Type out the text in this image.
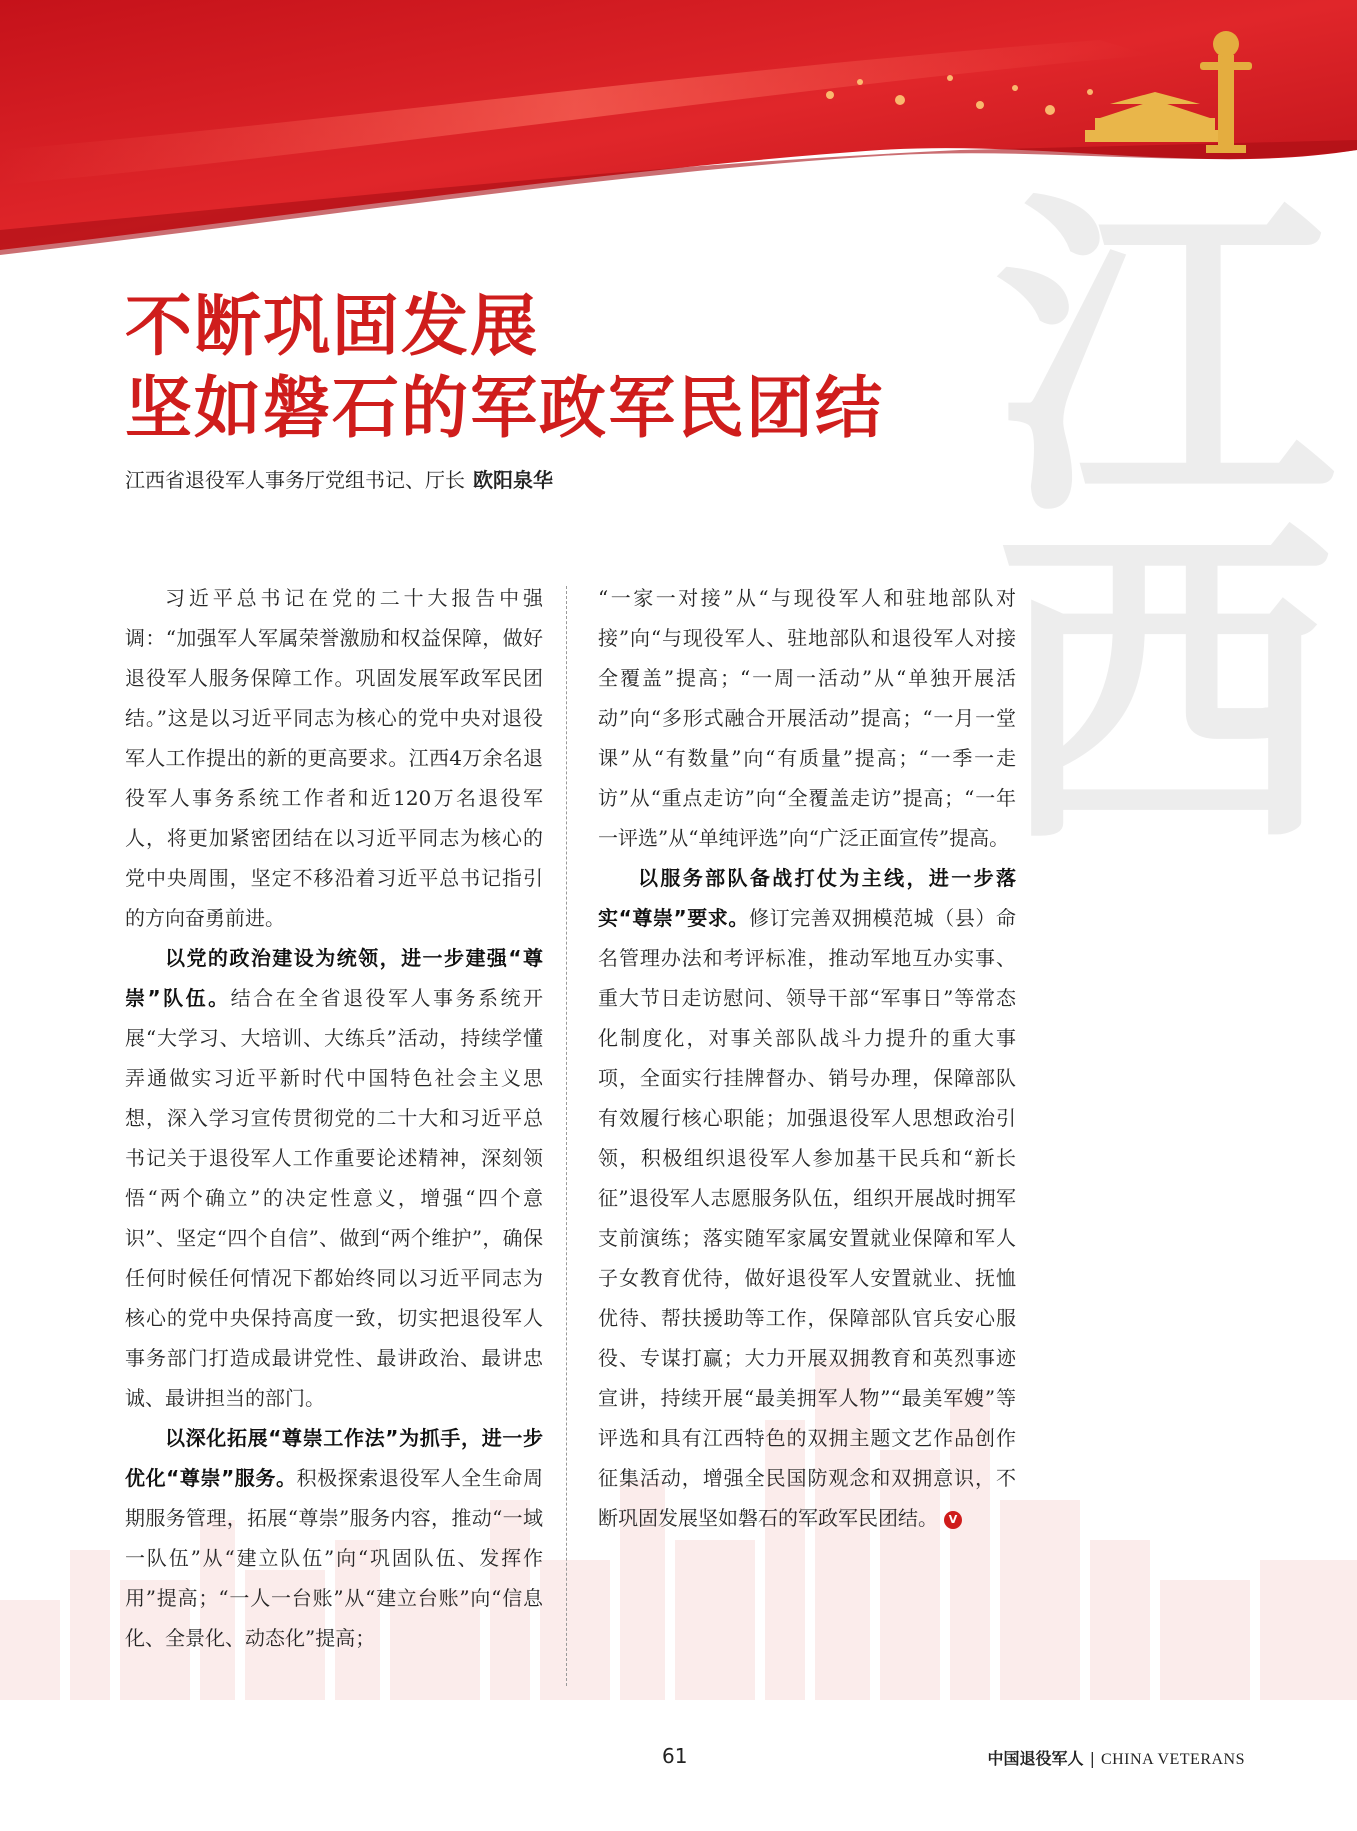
江
西
不断巩固发展
坚如磐石的军政军民团结
江西省退役军人事务厅党组书记、厅长 欧阳泉华

习近平总书记在党的二十大报告中强调：“加强军人军属荣誉激励和权益保障，做好退役军人服务保障工作。巩固发展军政军民团结。”这是以习近平同志为核心的党中央对退役军人工作提出的新的更高要求。江西4万余名退役军人事务系统工作者和近120万名退役军人，将更加紧密团结在以习近平同志为核心的党中央周围，坚定不移沿着习近平总书记指引的方向奋勇前进。

以党的政治建设为统领，进一步建强“尊崇”队伍。结合在全省退役军人事务系统开展“大学习、大培训、大练兵”活动，持续学懂弄通做实习近平新时代中国特色社会主义思想，深入学习宣传贯彻党的二十大和习近平总书记关于退役军人工作重要论述精神，深刻领悟“两个确立”的决定性意义，增强“四个意识”、坚定“四个自信”、做到“两个维护”，确保任何时候任何情况下都始终同以习近平同志为核心的党中央保持高度一致，切实把退役军人事务部门打造成最讲党性、最讲政治、最讲忠诚、最讲担当的部门。

以深化拓展“尊崇工作法”为抓手，进一步优化“尊崇”服务。积极探索退役军人全生命周期服务管理，拓展“尊崇”服务内容，推动“一域一队伍”从“建立队伍”向“巩固队伍、发挥作用”提高；“一人一台账”从“建立台账”向“信息化、全景化、动态化”提高；

“一家一对接”从“与现役军人和驻地部队对接”向“与现役军人、驻地部队和退役军人对接全覆盖”提高；“一周一活动”从“单独开展活动”向“多形式融合开展活动”提高；“一月一堂课”从“有数量”向“有质量”提高；“一季一走访”从“重点走访”向“全覆盖走访”提高；“一年一评选”从“单纯评选”向“广泛正面宣传”提高。

以服务部队备战打仗为主线，进一步落实“尊崇”要求。修订完善双拥模范城（县）命名管理办法和考评标准，推动军地互办实事、重大节日走访慰问、领导干部“军事日”等常态化制度化，对事关部队战斗力提升的重大事项，全面实行挂牌督办、销号办理，保障部队有效履行核心职能；加强退役军人思想政治引领，积极组织退役军人参加基干民兵和“新长征”退役军人志愿服务队伍，组织开展战时拥军支前演练；落实随军家属安置就业保障和军人子女教育优待，做好退役军人安置就业、抚恤优待、帮扶援助等工作，保障部队官兵安心服役、专谋打赢；大力开展双拥教育和英烈事迹宣讲，持续开展“最美拥军人物”“最美军嫂”等评选和具有江西特色的双拥主题文艺作品创作征集活动，增强全民国防观念和双拥意识，不断巩固发展坚如磐石的军政军民团结。 V

61	中国退役军人 | CHINA VETERANS
